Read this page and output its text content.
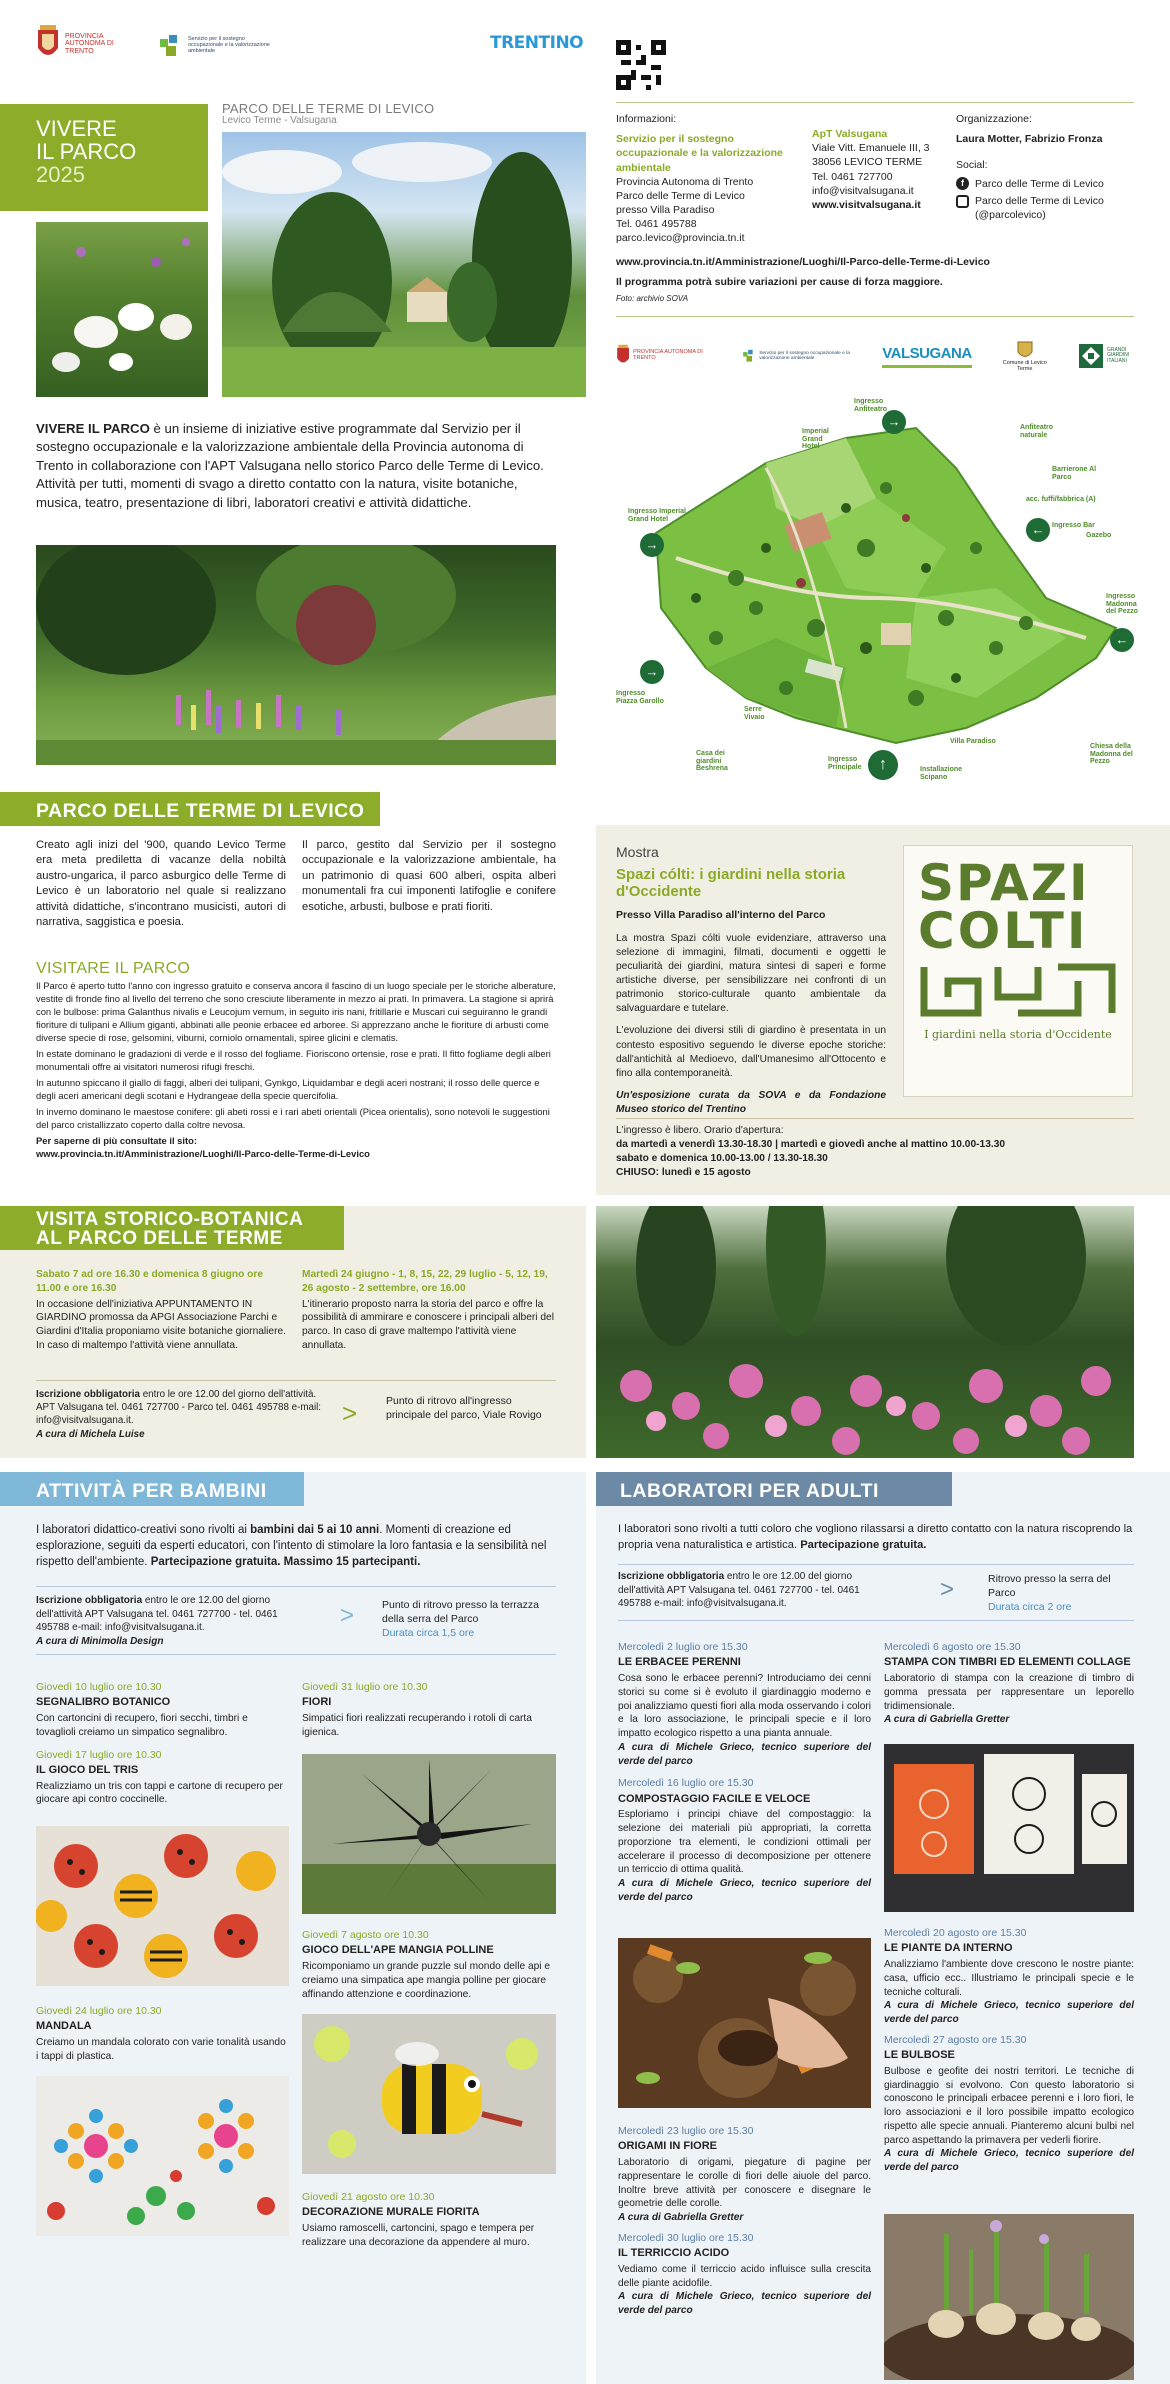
PROVINCIA AUTONOMA DI TRENTO
Servizio per il sostegno occupazionale e la valorizzazione ambientale	TRENTINO
VIVERE
IL PARCO
2025
PARCO DELLE TERME DI LEVICO
Levico Terme - Valsugana
VIVERE IL PARCO è un insieme di iniziative estive programmate dal Servizio per il sostegno occupazionale e la valorizzazione ambientale della Provincia autonoma di Trento in collaborazione con l'APT Valsugana nello storico Parco delle Terme di Levico. Attività per tutti, momenti di svago a diretto contatto con la natura, visite botaniche, musica, teatro, presentazione di libri, laboratori creativi e attività didattiche.
Informazioni:
Servizio per il sostegno occupazionale e la valorizzazione ambientale
Provincia Autonoma di Trento
Parco delle Terme di Levico
presso Villa Paradiso
Tel. 0461 495788
parco.levico@provincia.tn.it
ApT Valsugana
Viale Vitt. Emanuele III, 3
38056 LEVICO TERME
Tel. 0461 727700
info@visitvalsugana.it
www.visitvalsugana.it
Organizzazione:
Laura Motter, Fabrizio Fronza
Social:
f	Parco delle Terme di Levico
Parco delle Terme di Levico
(@parcolevico)
www.provincia.tn.it/Amministrazione/Luoghi/Il-Parco-delle-Terme-di-Levico
Il programma potrà subire variazioni per cause di forza maggiore.
Foto: archivio SOVA
PROVINCIA AUTONOMA DI TRENTO
Servizio per il sostegno occupazionale e la valorizzazione ambientale	VALSUGANA
Comune di Levico Terme
GRANDI GIARDINI ITALIANI
→
→
←
←
→
↑
Ingresso Anfiteatro
Imperial Grand Hotel
Anfiteatro naturale
Barrierone Al Parco
acc. fuffi/fabbrica (A)
Ingresso Bar
Gazebo
Ingresso Imperial Grand Hotel
Ingresso Madonna del Pezzo
Ingresso Piazza Garollo
Serre Vivaio
Casa dei giardini Beshrena
Ingresso Principale
Villa Paradiso
Installazione Scipano
Chiesa della Madonna del Pezzo
PARCO DELLE TERME DI LEVICO
Creato agli inizi del '900, quando Levico Terme era meta prediletta di vacanze della nobiltà austro-ungarica, il parco asburgico delle Terme di Levico è un laboratorio nel quale si realizzano attività didattiche, s'incontrano musicisti, autori di narrativa, saggistica e poesia.
Il parco, gestito dal Servizio per il sostegno occupazionale e la valorizzazione ambientale, ha un patrimonio di quasi 600 alberi, ospita alberi monumentali fra cui imponenti latifoglie e conifere esotiche, arbusti, bulbose e prati fioriti.
VISITARE IL PARCO

Il Parco è aperto tutto l'anno con ingresso gratuito e conserva ancora il fascino di un luogo speciale per le storiche alberature, vestite di fronde fino al livello del terreno che sono cresciute liberamente in mezzo ai prati. In primavera. La stagione si aprirà con le bulbose: prima Galanthus nivalis e Leucojum vernum, in seguito iris nani, fritillarie e Muscari cui seguiranno le grandi fioriture di tulipani e Allium giganti, abbinati alle peonie erbacee ed arboree. Si apprezzano anche le fioriture di arbusti come diverse specie di rose, gelsomini, viburni, corniolo ornamentali, spiree glicini e clematis.

In estate dominano le gradazioni di verde e il rosso del fogliame. Fioriscono ortensie, rose e prati. Il fitto fogliame degli alberi monumentali offre ai visitatori numerosi rifugi freschi.

In autunno spiccano il giallo di faggi, alberi dei tulipani, Gynkgo, Liquidambar e degli aceri nostrani; il rosso delle querce e degli aceri americani degli scotani e Hydrangeae della specie quercifolia.

In inverno dominano le maestose conifere: gli abeti rossi e i rari abeti orientali (Picea orientalis), sono notevoli le suggestioni del parco cristallizzato coperto dalla coltre nevosa.

Per saperne di più consultate il sito:
www.provincia.tn.it/Amministrazione/Luoghi/Il-Parco-delle-Terme-di-Levico
Mostra
Spazi cólti: i giardini nella storia d'Occidente
Presso Villa Paradiso all'interno del Parco

La mostra Spazi cólti vuole evidenziare, attraverso una selezione di immagini, filmati, documenti e oggetti le peculiarità dei giardini, matura sintesi di saperi e forme artistiche diverse, per sensibilizzare nei confronti di un patrimonio storico-culturale quanto ambientale da salvaguardare e tutelare.

L'evoluzione dei diversi stili di giardino è presentata in un contesto espositivo seguendo le diverse epoche storiche: dall'antichità al Medioevo, dall'Umanesimo all'Ottocento e fino alla contemporaneità.

Un'esposizione curata da SOVA e da Fondazione Museo storico del Trentino

L'ingresso è libero. Orario d'apertura:
da martedì a venerdì 13.30-18.30 | martedì e giovedì anche al mattino 10.00-13.30
sabato e domenica 10.00-13.00 / 13.30-18.30
CHIUSO: lunedì e 15 agosto
SPAZI
COLTI
I giardini nella storia d'Occidente
VISITA STORICO-BOTANICA
AL PARCO DELLE TERME
Sabato 7 ad ore 16.30 e domenica 8 giugno ore 11.00 e ore 16.30
In occasione dell'iniziativa APPUNTAMENTO IN GIARDINO promossa da APGI Associazione Parchi e Giardini d'Italia proponiamo visite botaniche giornaliere. In caso di maltempo l'attività viene annullata.
Martedì 24 giugno - 1, 8, 15, 22, 29 luglio - 5, 12, 19, 26 agosto - 2 settembre, ore 16.00
L'itinerario proposto narra la storia del parco e offre la possibilità di ammirare e conoscere i principali alberi del parco. In caso di grave maltempo l'attività viene annullata.
Iscrizione obbligatoria entro le ore 12.00 del giorno dell'attività. APT Valsugana tel. 0461 727700 - Parco tel. 0461 495788 e-mail: info@visitvalsugana.it.
A cura di Michela Luise
>	Punto di ritrovo all'ingresso principale del parco, Viale Rovigo
ATTIVITÀ PER BAMBINI
I laboratori didattico-creativi sono rivolti ai bambini dai 5 ai 10 anni. Momenti di creazione ed esplorazione, seguiti da esperti educatori, con l'intento di stimolare la loro fantasia e la sensibilità nel rispetto dell'ambiente. Partecipazione gratuita. Massimo 15 partecipanti.
Iscrizione obbligatoria entro le ore 12.00 del giorno dell'attività APT Valsugana tel. 0461 727700 - tel. 0461 495788 e-mail: info@visitvalsugana.it.
A cura di Minimolla Design
>	Punto di ritrovo presso la terrazza della serra del Parco
Durata circa 1,5 ore
Giovedì 10 luglio ore 10.30
SEGNALIBRO BOTANICO
Con cartoncini di recupero, fiori secchi, timbri e tovaglioli creiamo un simpatico segnalibro.
Giovedì 17 luglio ore 10.30
IL GIOCO DEL TRIS
Realizziamo un tris con tappi e cartone di recupero per giocare api contro coccinelle.
Giovedì 24 luglio ore 10.30
MANDALA
Creiamo un mandala colorato con varie tonalità usando i tappi di plastica.
Giovedì 31 luglio ore 10.30
FIORI
Simpatici fiori realizzati recuperando i rotoli di carta igienica.
Giovedì 7 agosto ore 10.30
GIOCO DELL'APE MANGIA POLLINE
Ricomponiamo un grande puzzle sul mondo delle api e creiamo una simpatica ape mangia polline per giocare affinando attenzione e coordinazione.
Giovedì 21 agosto ore 10.30
DECORAZIONE MURALE FIORITA
Usiamo ramoscelli, cartoncini, spago e tempera per realizzare una decorazione da appendere al muro.
LABORATORI PER ADULTI
I laboratori sono rivolti a tutti coloro che vogliono rilassarsi a diretto contatto con la natura riscoprendo la propria vena naturalistica e artistica. Partecipazione gratuita.
Iscrizione obbligatoria entro le ore 12.00 del giorno dell'attività APT Valsugana tel. 0461 727700 - tel. 0461 495788 e-mail: info@visitvalsugana.it.
>	Ritrovo presso la serra del Parco
Durata circa 2 ore
Mercoledì 2 luglio ore 15.30
LE ERBACEE PERENNI
Cosa sono le erbacee perenni? Introduciamo dei cenni storici su come si è evoluto il giardinaggio moderno e poi analizziamo questi fiori alla moda osservando i colori e la loro associazione, le principali specie e il loro impatto ecologico rispetto a una pianta annuale.
A cura di Michele Grieco, tecnico superiore del verde del parco
Mercoledì 16 luglio ore 15.30
COMPOSTAGGIO FACILE E VELOCE
Esploriamo i principi chiave del compostaggio: la selezione dei materiali più appropriati, la corretta proporzione tra elementi, le condizioni ottimali per accelerare il processo di decomposizione per ottenere un terriccio di ottima qualità.
A cura di Michele Grieco, tecnico superiore del verde del parco
Mercoledì 23 luglio ore 15.30
ORIGAMI IN FIORE
Laboratorio di origami, piegature di pagine per rappresentare le corolle di fiori delle aiuole del parco. Inoltre breve attività per conoscere e disegnare le geometrie delle corolle.
A cura di Gabriella Gretter
Mercoledì 30 luglio ore 15.30
IL TERRICCIO ACIDO
Vediamo come il terriccio acido influisce sulla crescita delle piante acidofile.
A cura di Michele Grieco, tecnico superiore del verde del parco
Mercoledì 6 agosto ore 15.30
STAMPA CON TIMBRI ED ELEMENTI COLLAGE
Laboratorio di stampa con la creazione di timbro di gomma pressata per rappresentare un leporello tridimensionale.
A cura di Gabriella Gretter
Mercoledì 20 agosto ore 15.30
LE PIANTE DA INTERNO
Analizziamo l'ambiente dove crescono le nostre piante: casa, ufficio ecc.. Illustriamo le principali specie e le tecniche colturali.
A cura di Michele Grieco, tecnico superiore del verde del parco
Mercoledì 27 agosto ore 15.30
LE BULBOSE
Bulbose e geofite dei nostri territori. Le tecniche di giardinaggio si evolvono. Con questo laboratorio si conoscono le principali erbacee perenni e i loro fiori, le loro associazioni e il loro possibile impatto ecologico rispetto alle specie annuali. Pianteremo alcuni bulbi nel parco aspettando la primavera per vederli fiorire.
A cura di Michele Grieco, tecnico superiore del verde del parco
